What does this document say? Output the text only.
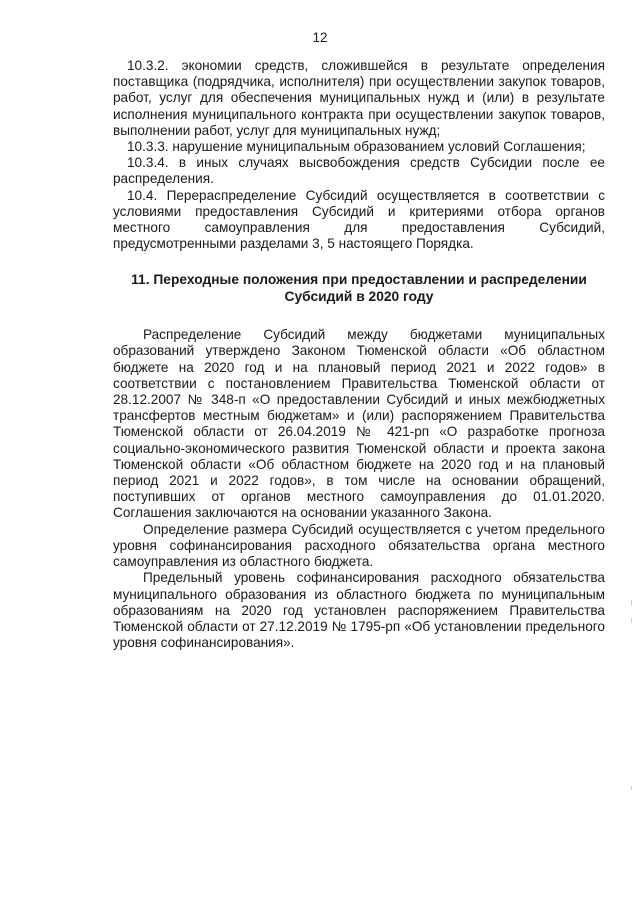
12

10.3.2. экономии средств, сложившейся в результате определения поставщика (подрядчика, исполнителя) при осуществлении закупок товаров, работ, услуг для обеспечения муниципальных нужд и (или) в результате исполнения муниципального контракта при осуществлении закупок товаров, выполнении работ, услуг для муниципальных нужд;

10.3.3. нарушение муниципальным образованием условий Соглашения;

10.3.4. в иных случаях высвобождения средств Субсидии после ее распределения.

10.4. Перераспределение Субсидий осуществляется в соответствии с условиями предоставления Субсидий и критериями отбора органов местного самоуправления для предоставления Субсидий, предусмотренными разделами 3, 5 настоящего Порядка.

11. Переходные положения при предоставлении и распределении Субсидий в 2020 году

Распределение Субсидий между бюджетами муниципальных образований утверждено Законом Тюменской области «Об областном бюджете на 2020 год и на плановый период 2021 и 2022 годов» в соответствии с постановлением Правительства Тюменской области от 28.12.2007 № 348-п «О предоставлении Субсидий и иных межбюджетных трансфертов местным бюджетам» и (или) распоряжением Правительства Тюменской области от 26.04.2019 № 421-рп «О разработке прогноза социально-экономического развития Тюменской области и проекта закона Тюменской области «Об областном бюджете на 2020 год и на плановый период 2021 и 2022 годов», в том числе на основании обращений, поступивших от органов местного самоуправления до 01.01.2020. Соглашения заключаются на основании указанного Закона.

Определение размера Субсидий осуществляется с учетом предельного уровня софинансирования расходного обязательства органа местного самоуправления из областного бюджета.

Предельный уровень софинансирования расходного обязательства муниципального образования из областного бюджета по муниципальным образованиям на 2020 год установлен распоряжением Правительства Тюменской области от 27.12.2019 № 1795-рп «Об установлении предельного уровня софинансирования».
